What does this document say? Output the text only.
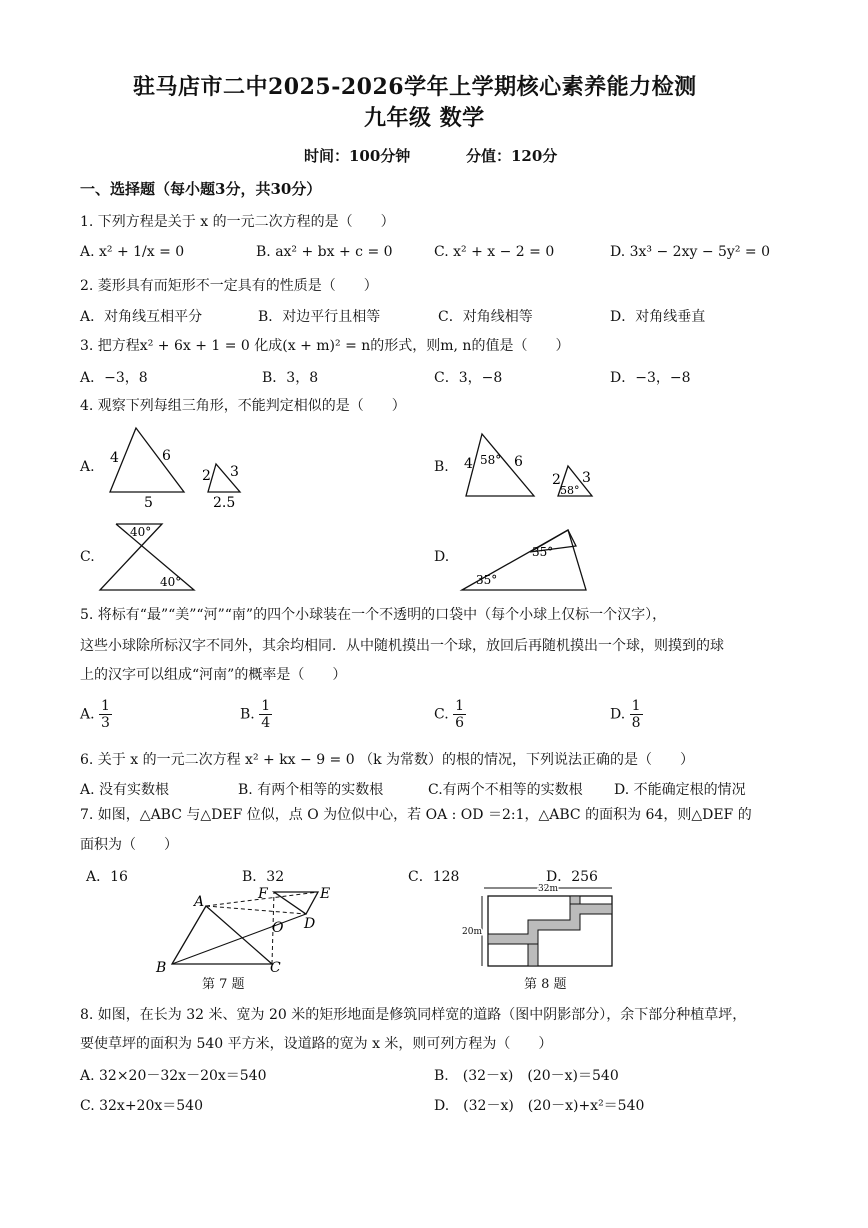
驻马店市二中2025-2026学年上学期核心素养能力检测
九年级 数学
时间：100分钟	分值：120分
一、选择题（每小题3分，共30分）
1. 下列方程是关于 x 的一元二次方程的是（　　）
A. x² + 1/x = 0	B. ax² + bx + c = 0	C. x² + x − 2 = 0	D. 3x³ − 2xy − 5y² = 0
2. 菱形具有而矩形不一定具有的性质是（　　）
A．对角线互相平分	B．对边平行且相等	C．对角线相等	D．对角线垂直
3. 把方程x² + 6x + 1 = 0 化成(x + m)² = n的形式，则m, n的值是（　　）
A．−3，8	B．3，8	C．3，−8	D．−3，−8
4. 观察下列每组三角形，不能判定相似的是（　　）
A.	B.
C.	D.
4	6
5
2 3
2.5
4 58° 6
2 3
58°
40°
40°	35°
35°
5. 将标有“最”“美”“河”“南”的四个小球装在一个不透明的口袋中（每个小球上仅标一个汉字），
这些小球除所标汉字不同外，其余均相同．从中随机摸出一个球，放回后再随机摸出一个球，则摸到的球
上的汉字可以组成“河南”的概率是（　　）
A. $\frac{1}{3}$	B. $\frac{1}{4}$	C. $\frac{1}{6}$	D. $\frac{1}{8}$
6. 关于 x 的一元二次方程 x² + kx − 9 = 0 （k 为常数）的根的情况，下列说法正确的是（　　）
A. 没有实数根	B. 有两个相等的实数根	C.有两个不相等的实数根 D. 不能确定根的情况
7. 如图，△ABC 与△DEF 位似，点 O 为位似中心，若 OA : OD ＝2:1，△ABC 的面积为 64，则△DEF 的
面积为（　　）
A．16	B．32	C．128	D．256
A
B	C
F	E
O D
第 7 题
32m
20m
第 8 题
8. 如图，在长为 32 米、宽为 20 米的矩形地面是修筑同样宽的道路（图中阴影部分），余下部分种植草坪，
要使草坪的面积为 540 平方米，设道路的宽为 x 米，则可列方程为（　　）
A. 32×20－32x－20x＝540	B.　(32－x)　(20－x)＝540
C. 32x+20x＝540	D.　(32－x)　(20－x)+x²＝540
